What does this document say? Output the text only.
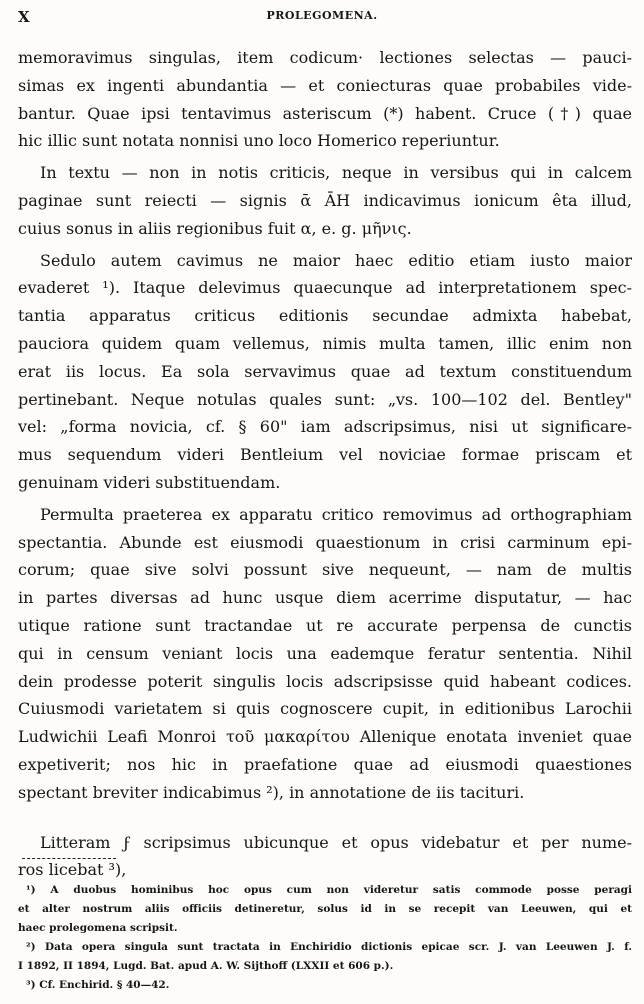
X	PROLEGOMENA.
memoravimus singulas, item codicum· lectiones selectas — pauci-
simas ex ingenti abundantia — et coniecturas quae probabiles vide-
bantur. Quae ipsi tentavimus asteriscum (*) habent. Cruce (†) quae
hic illic sunt notata nonnisi uno loco Homerico reperiuntur.
In textu — non in notis criticis, neque in versibus qui in calcem
paginae sunt reiecti — signis ᾱ ᾹΗ indicavimus ionicum êta illud,
cuius sonus in aliis regionibus fuit α, e. g. μῆνις.
Sedulo autem cavimus ne maior haec editio etiam iusto maior
evaderet ¹). Itaque delevimus quaecunque ad interpretationem spec-
tantia apparatus criticus editionis secundae admixta habebat,
pauciora quidem quam vellemus, nimis multa tamen, illic enim non
erat iis locus. Ea sola servavimus quae ad textum constituendum
pertinebant. Neque notulas quales sunt: „vs. 100—102 del. Bentley"
vel: „forma novicia, cf. § 60" iam adscripsimus, nisi ut significare-
mus sequendum videri Bentleium vel noviciae formae priscam et
genuinam videri substituendam.
Permulta praeterea ex apparatu critico removimus ad orthographiam
spectantia. Abunde est eiusmodi quaestionum in crisi carminum epi-
corum; quae sive solvi possunt sive nequeunt, — nam de multis
in partes diversas ad hunc usque diem acerrime disputatur, — hac
utique ratione sunt tractandae ut re accurate perpensa de cunctis
qui in censum veniant locis una eademque feratur sententia. Nihil
dein prodesse poterit singulis locis adscripsisse quid habeant codices.
Cuiusmodi varietatem si quis cognoscere cupit, in editionibus Larochii
Ludwichii Leafi Monroi τοῦ μακαρίτου Allenique enotata inveniet quae
expetiverit; nos hic in praefatione quae ad eiusmodi quaestiones
spectant breviter indicabimus ²), in annotatione de iis tacituri.
Litteram ϝ scripsimus ubicunque et opus videbatur et per nume-
ros licebat ³),
¹) A duobus hominibus hoc opus cum non videretur satis commode posse peragi
et alter nostrum aliis officiis detineretur, solus id in se recepit van Leeuwen, qui et
haec prolegomena scripsit.
²) Data opera singula sunt tractata in Enchiridio dictionis epicae scr. J. van Leeuwen J. f.
I 1892, II 1894, Lugd. Bat. apud A. W. Sijthoff (LXXII et 606 p.).
³) Cf. Enchirid. § 40—42.
